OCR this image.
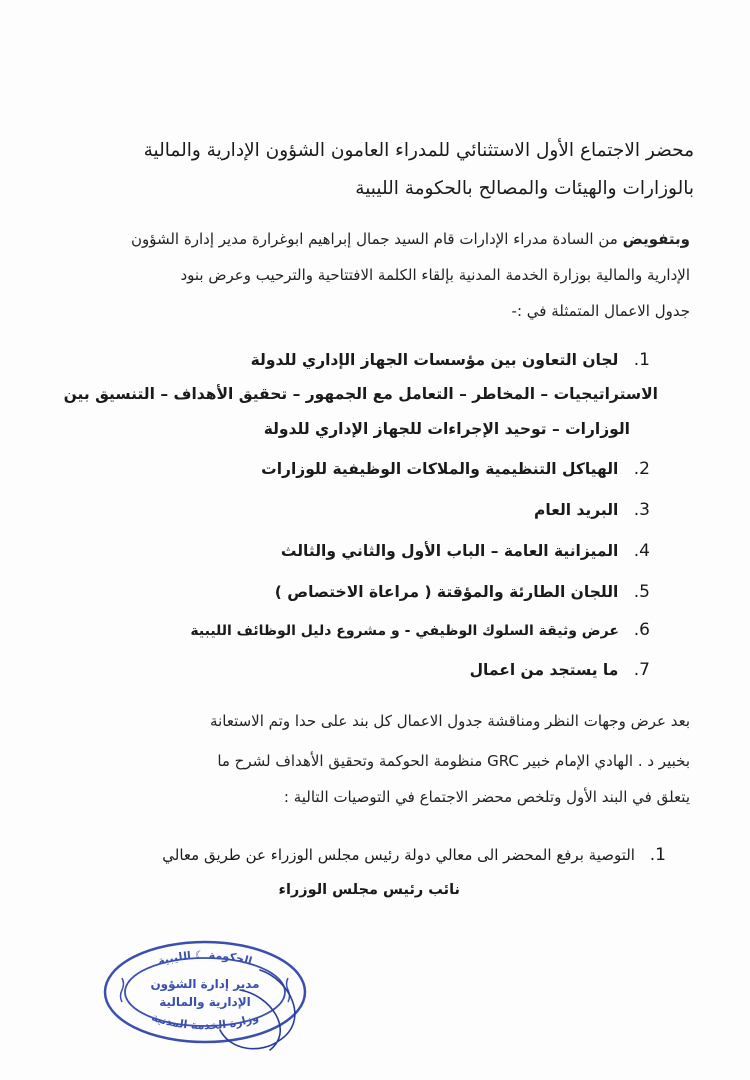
محضر الاجتماع الأول الاستثنائي للمدراء العامون الشؤون الإدارية والمالية
بالوزارات والهيئات والمصالح بالحكومة الليبية
وبتفويض من السادة مدراء الإدارات قام السيد جمال إبراهيم ابوغرارة مدير إدارة الشؤون
الإدارية والمالية بوزارة الخدمة المدنية بإلقاء الكلمة الافتتاحية والترحيب وعرض بنود
جدول الاعمال المتمثلة في :-
1. لجان التعاون بين مؤسسات الجهاز الإداري للدولة
الاستراتيجيات – المخاطر – التعامل مع الجمهور – تحقيق الأهداف – التنسيق بين
الوزارات – توحيد الإجراءات للجهاز الإداري للدولة
2. الهياكل التنظيمية والملاكات الوظيفية للوزارات
3. البريد العام
4. الميزانية العامة – الباب الأول والثاني والثالث
5. اللجان الطارئة والمؤقتة ( مراعاة الاختصاص )
6. عرض وثيقة السلوك الوظيفي - و مشروع دليل الوظائف الليبية
7. ما يستجد من اعمال
بعد عرض وجهات النظر ومناقشة جدول الاعمال كل بند على حدا وتم الاستعانة
بخبير د . الهادي الإمام خبير GRC منظومة الحوكمة وتحقيق الأهداف لشرح ما
يتعلق في البند الأول وتلخص محضر الاجتماع في التوصيات التالية :
1. التوصية برفع المحضر الى معالي دولة رئيس مجلس الوزراء عن طريق معالي
نائب رئيس مجلس الوزراء
الحكومة ☾ الليبية
وزارة الخدمة المدنية
مدير إدارة الشؤون
الإدارية والمالية
